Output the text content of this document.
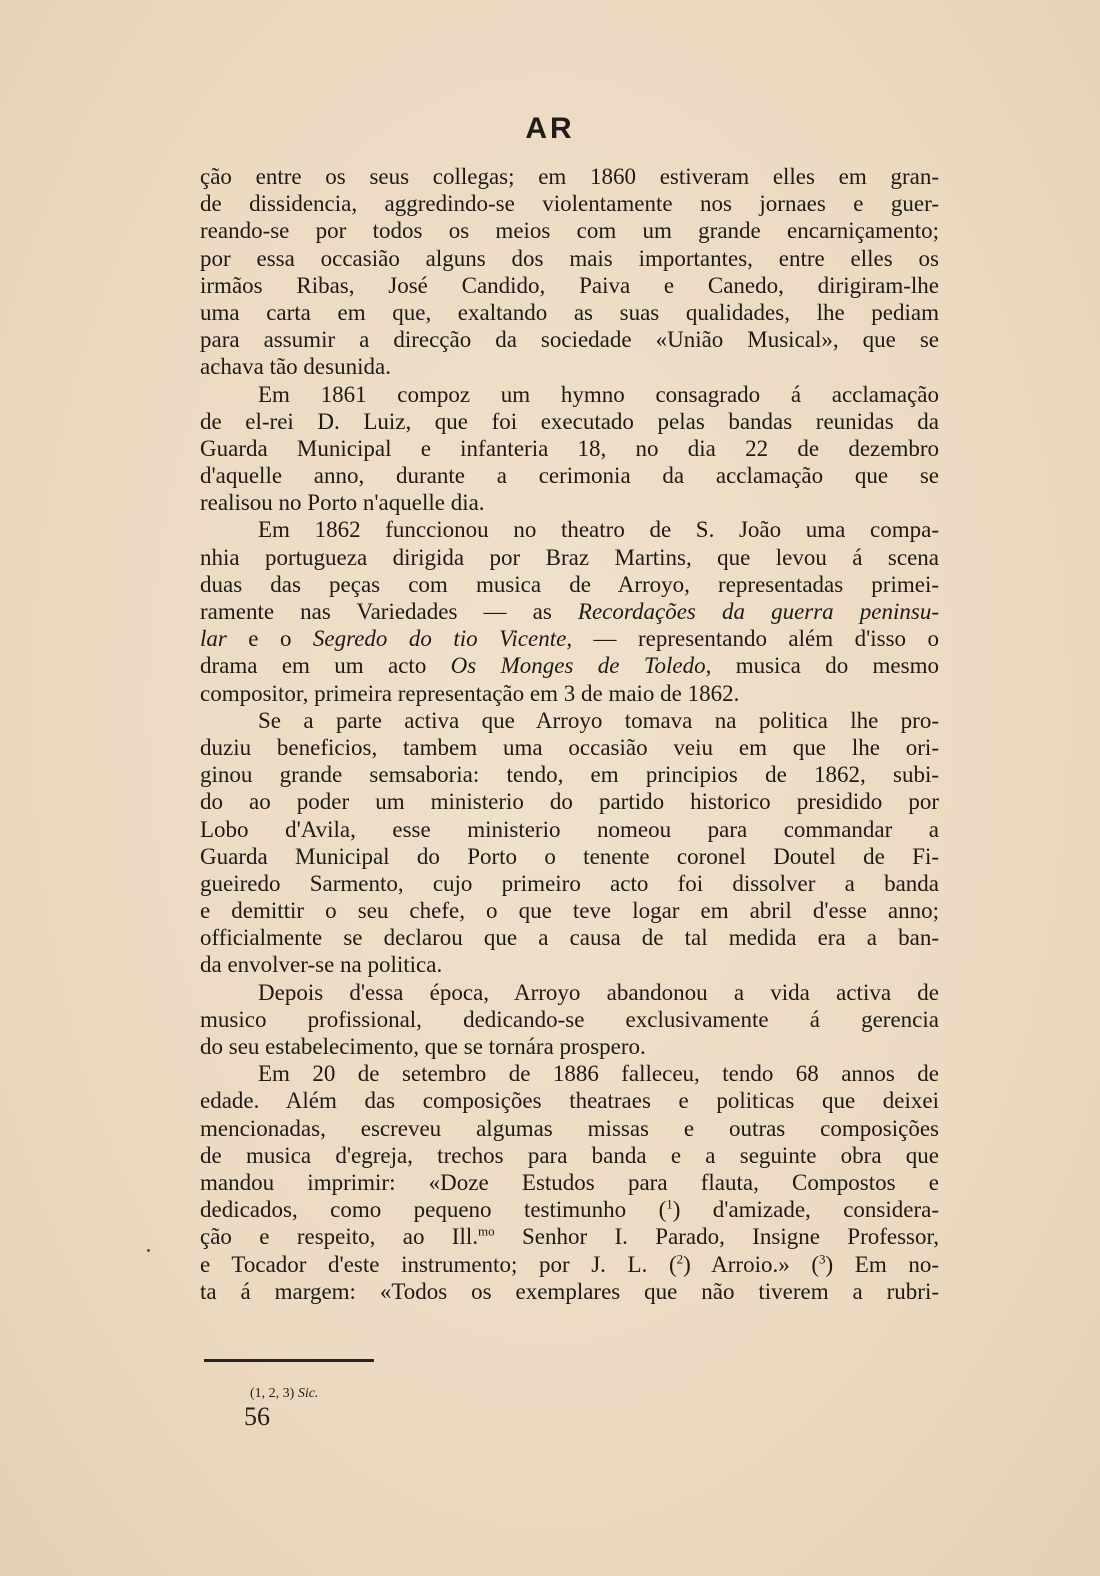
AR
ção entre os seus collegas; em 1860 estiveram elles em gran-
de dissidencia, aggredindo-se violentamente nos jornaes e guer-
reando-se por todos os meios com um grande encarniçamento;
por essa occasião alguns dos mais importantes, entre elles os
irmãos Ribas, José Candido, Paiva e Canedo, dirigiram-lhe
uma carta em que, exaltando as suas qualidades, lhe pediam
para assumir a direcção da sociedade «União Musical», que se
achava tão desunida.
Em 1861 compoz um hymno consagrado á acclamação
de el-rei D. Luiz, que foi executado pelas bandas reunidas da
Guarda Municipal e infanteria 18, no dia 22 de dezembro
d'aquelle anno, durante a cerimonia da acclamação que se
realisou no Porto n'aquelle dia.
Em 1862 funccionou no theatro de S. João uma compa-
nhia portugueza dirigida por Braz Martins, que levou á scena
duas das peças com musica de Arroyo, representadas primei-
ramente nas Variedades — as Recordações da guerra peninsu-
lar e o Segredo do tio Vicente, — representando além d'isso o
drama em um acto Os Monges de Toledo, musica do mesmo
compositor, primeira representação em 3 de maio de 1862.
Se a parte activa que Arroyo tomava na politica lhe pro-
duziu beneficios, tambem uma occasião veiu em que lhe ori-
ginou grande semsaboria: tendo, em principios de 1862, subi-
do ao poder um ministerio do partido historico presidido por
Lobo d'Avila, esse ministerio nomeou para commandar a
Guarda Municipal do Porto o tenente coronel Doutel de Fi-
gueiredo Sarmento, cujo primeiro acto foi dissolver a banda
e demittir o seu chefe, o que teve logar em abril d'esse anno;
officialmente se declarou que a causa de tal medida era a ban-
da envolver-se na politica.
Depois d'essa época, Arroyo abandonou a vida activa de
musico profissional, dedicando-se exclusivamente á gerencia
do seu estabelecimento, que se tornára prospero.
Em 20 de setembro de 1886 falleceu, tendo 68 annos de
edade. Além das composições theatraes e politicas que deixei
mencionadas, escreveu algumas missas e outras composições
de musica d'egreja, trechos para banda e a seguinte obra que
mandou imprimir: «Doze Estudos para flauta, Compostos e
dedicados, como pequeno testimunho ($^1$) d'amizade, considera-
ção e respeito, ao Ill.$^{mo}$ Senhor I. Parado, Insigne Professor,
e Tocador d'este instrumento; por J. L. ($^2$) Arroio.» ($^3$) Em no-
ta á margem: «Todos os exemplares que não tiverem a rubri-
(1, 2, 3) Sic.
56
